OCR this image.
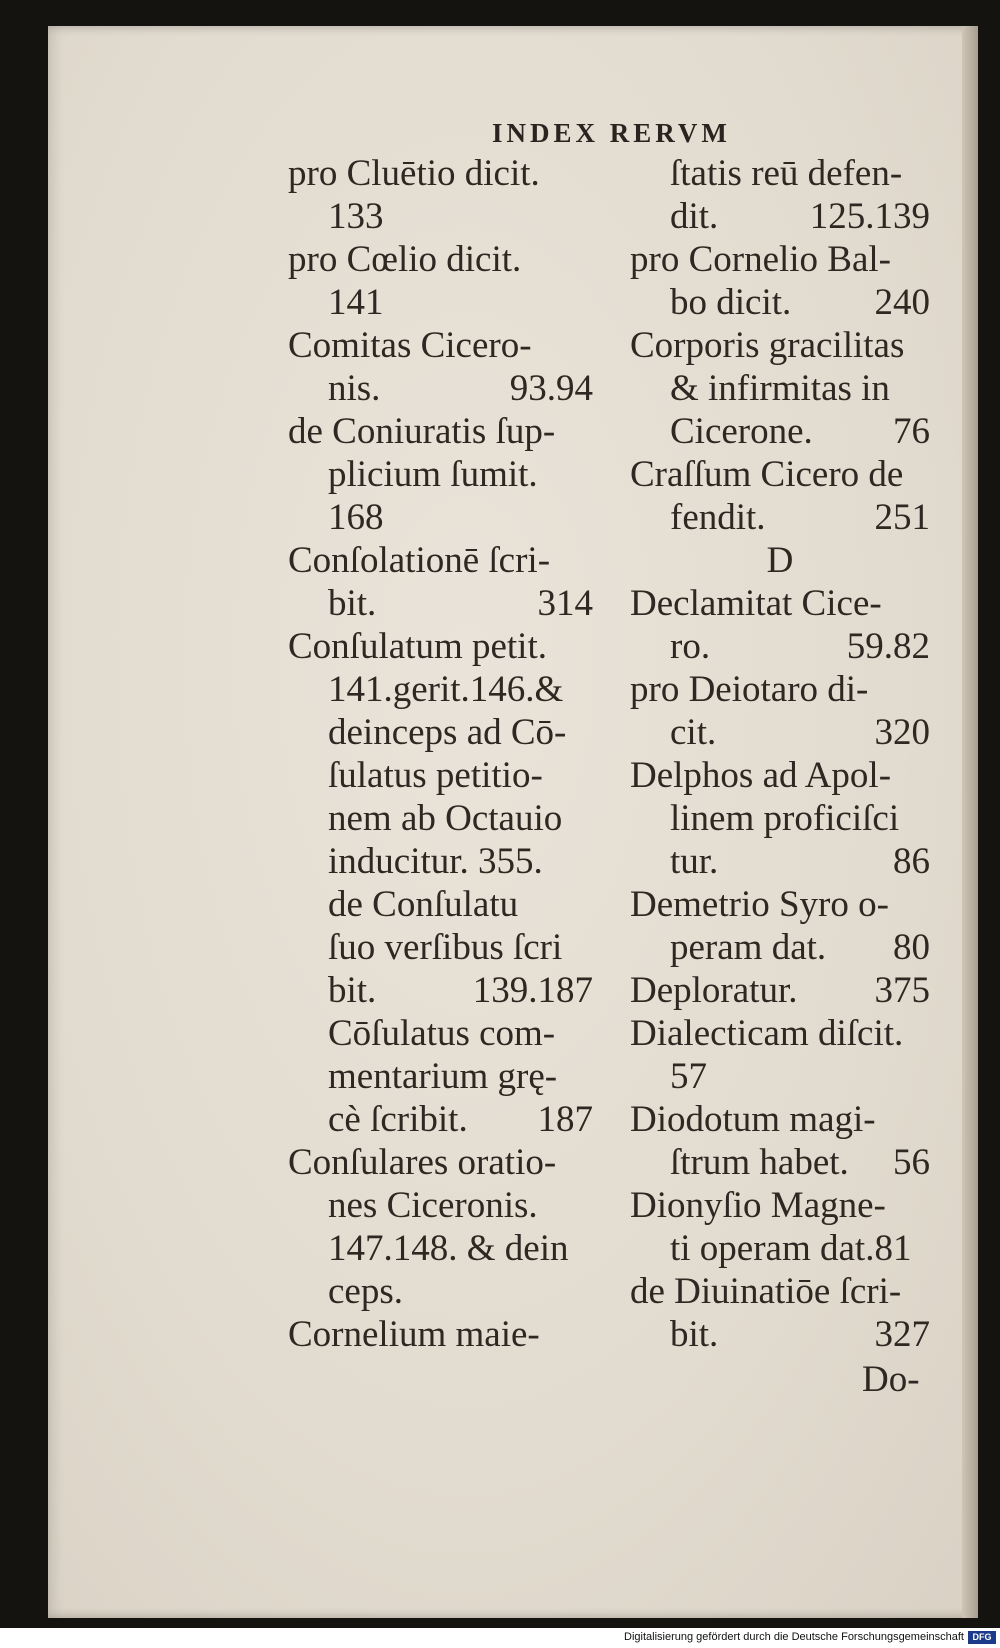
INDEX RERVM
pro Cluētio dicit.
133
pro Cœlio dicit.
141
Comitas Cicero-
nis.	93.94
de Coniuratis ſup-
plicium ſumit.
168
Conſolationē ſcri-
bit.	314
Conſulatum petit.
141.gerit.146.&
deinceps ad Cō-
ſulatus petitio-
nem ab Octauio
inducitur. 355.
de Conſulatu
ſuo verſibus ſcri
bit.	139.187
Cōſulatus com-
mentarium grę-
cè ſcribit. 187
Conſulares oratio-
nes Ciceronis.
147.148. & dein
ceps.
Cornelium maie-
ſtatis reū defen-
dit. 125.139
pro Cornelio Bal-
bo dicit. 240
Corporis gracilitas
& infirmitas in
Cicerone. 76
Craſſum Cicero de
fendit.	251
D
Declamitat Cice-
ro.	59.82
pro Deiotaro di-
cit.	320
Delphos ad Apol-
linem proficiſci
tur.	86
Demetrio Syro o-
peram dat. 80
Deploratur. 375
Dialecticam diſcit.
57
Diodotum magi-
ſtrum habet. 56
Dionyſio Magne-
ti operam dat.81
de Diuinatiōe ſcri-
bit.	327
Do-
Digitalisierung gefördert durch die Deutsche Forschungsgemeinschaft DFG
